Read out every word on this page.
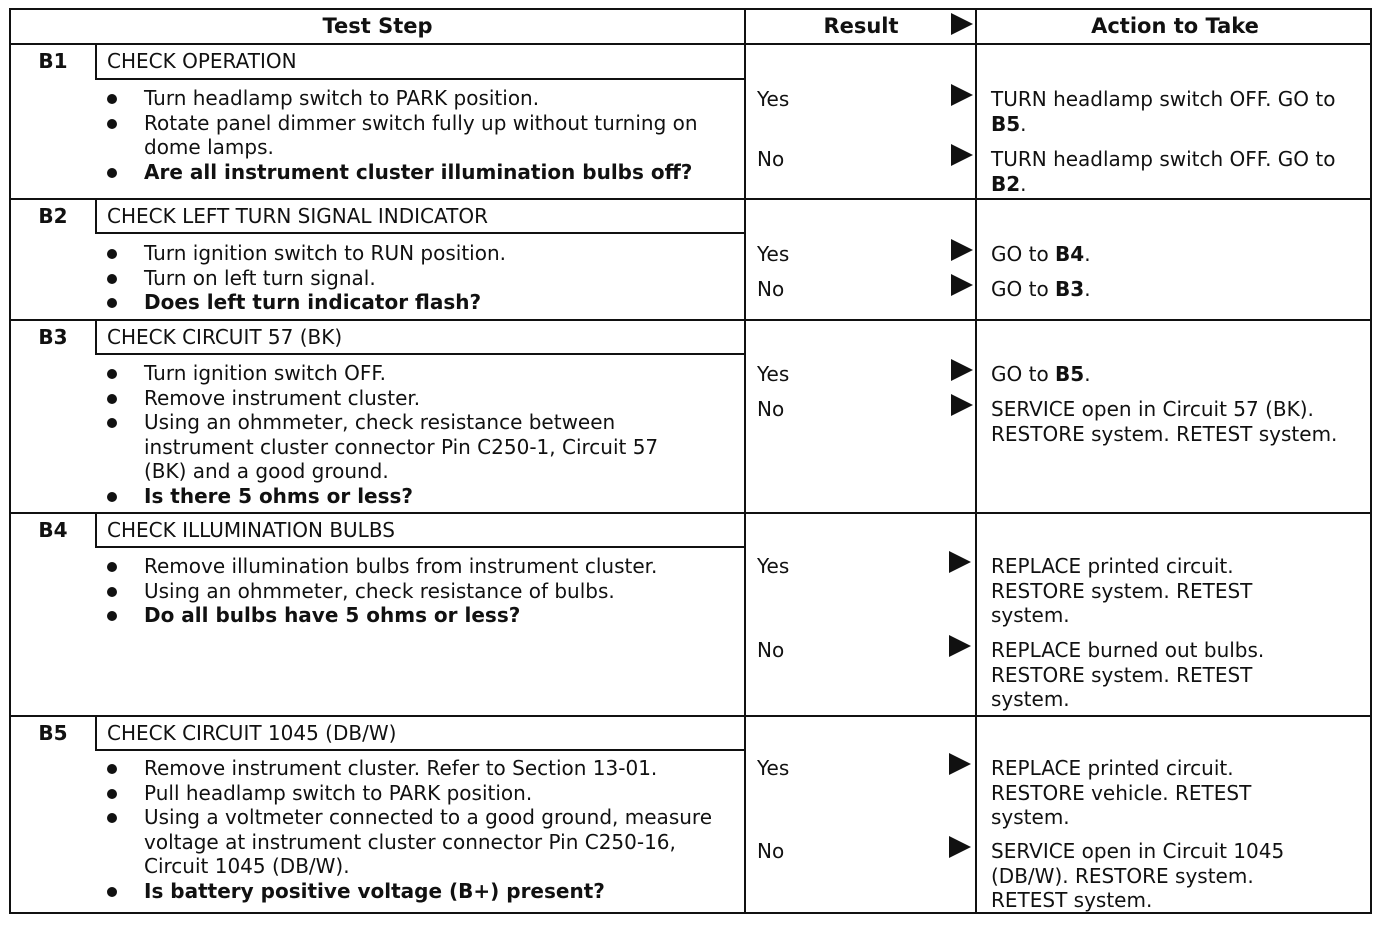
Test Step	Result	Action to Take
B1	CHECK OPERATION
Turn headlamp switch to PARK position.
Rotate panel dimmer switch fully up without turning on dome lamps.
Are all instrument cluster illumination bulbs off?
Yes	TURN headlamp switch OFF. GO to B5.
No	TURN headlamp switch OFF. GO to B2.
B2	CHECK LEFT TURN SIGNAL INDICATOR
Turn ignition switch to RUN position.
Turn on left turn signal.
Does left turn indicator flash?
Yes	GO to B4.
No	GO to B3.
B3	CHECK CIRCUIT 57 (BK)
Turn ignition switch OFF.
Remove instrument cluster.
Using an ohmmeter, check resistance between instrument cluster connector Pin C250-1, Circuit 57 (BK) and a good ground.
Is there 5 ohms or less?
Yes	GO to B5.
No	SERVICE open in Circuit 57 (BK). RESTORE system. RETEST system.
B4	CHECK ILLUMINATION BULBS
Remove illumination bulbs from instrument cluster.
Using an ohmmeter, check resistance of bulbs.
Do all bulbs have 5 ohms or less?
Yes	REPLACE printed circuit. RESTORE system. RETEST system.
No	REPLACE burned out bulbs. RESTORE system. RETEST system.
B5	CHECK CIRCUIT 1045 (DB/W)
Remove instrument cluster. Refer to Section 13-01.
Pull headlamp switch to PARK position.
Using a voltmeter connected to a good ground, measure voltage at instrument cluster connector Pin C250-16, Circuit 1045 (DB/W).
Is battery positive voltage (B+) present?
Yes	REPLACE printed circuit. RESTORE vehicle. RETEST system.
No	SERVICE open in Circuit 1045 (DB/W). RESTORE system. RETEST system.
